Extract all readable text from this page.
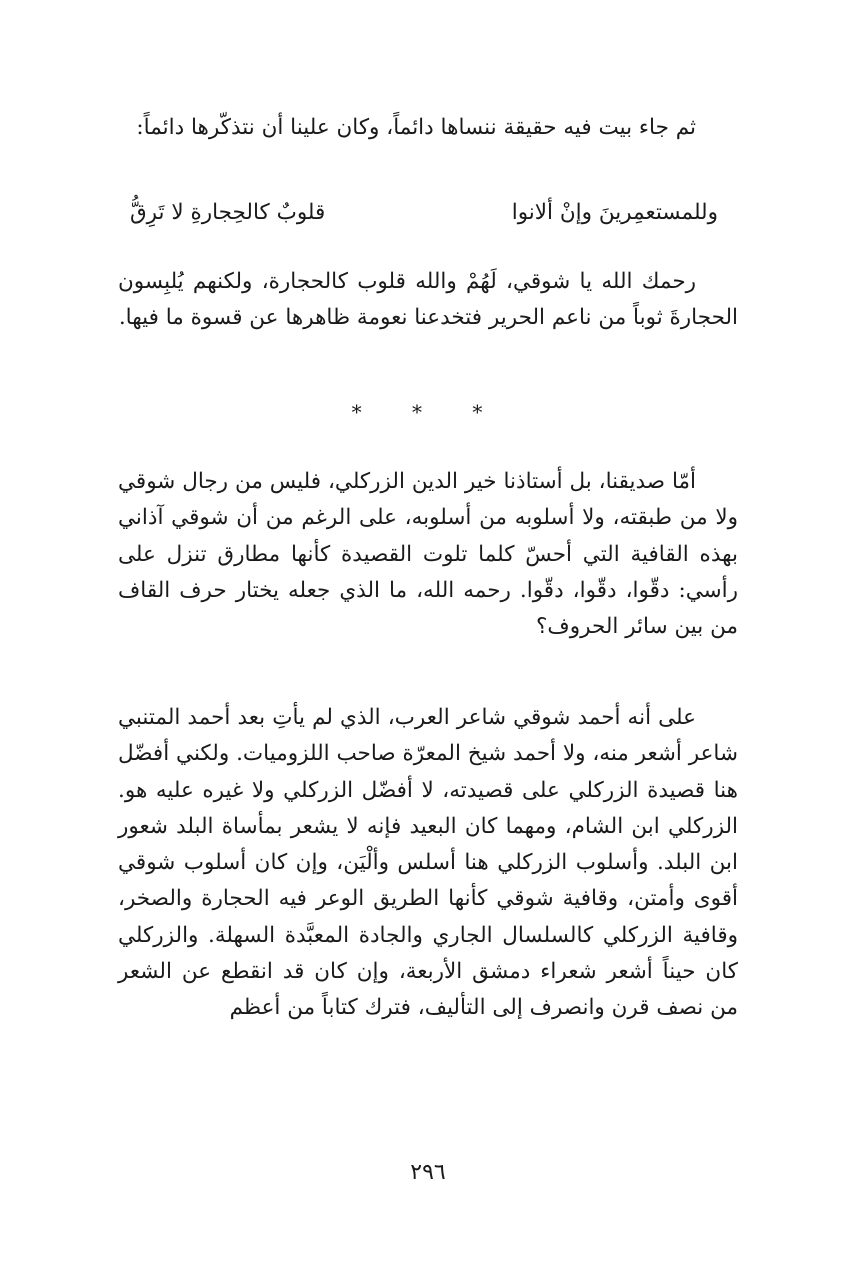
ثم جاء بيت فيه حقيقة ننساها دائماً، وكان علينا أن نتذكّرها دائماً:

وللمستعمِرينَ وإنْ ألانوا
قلوبٌ كالحِجارةِ لا تَرِقُّ

رحمك الله يا شوقي، لَهُمْ والله قلوب كالحجارة، ولكنهم يُلبِسون الحجارةَ ثوباً من ناعم الحرير فتخدعنا نعومة ظاهرها عن قسوة ما فيها.

* * *

أمّا صديقنا، بل أستاذنا خير الدين الزركلي، فليس من رجال شوقي ولا من طبقته، ولا أسلوبه من أسلوبه، على الرغم من أن شوقي آذاني بهذه القافية التي أحسّ كلما تلوت القصيدة كأنها مطارق تنزل على رأسي: دقّوا، دقّوا، دقّوا. رحمه الله، ما الذي جعله يختار حرف القاف من بين سائر الحروف؟

على أنه أحمد شوقي شاعر العرب، الذي لم يأتِ بعد أحمد المتنبي شاعر أشعر منه، ولا أحمد شيخ المعرّة صاحب اللزوميات. ولكني أفضّل هنا قصيدة الزركلي على قصيدته، لا أفضّل الزركلي ولا غيره عليه هو. الزركلي ابن الشام، ومهما كان البعيد فإنه لا يشعر بمأساة البلد شعور ابن البلد. وأسلوب الزركلي هنا أسلس وألْيَن، وإن كان أسلوب شوقي أقوى وأمتن، وقافية شوقي كأنها الطريق الوعر فيه الحجارة والصخر، وقافية الزركلي كالسلسال الجاري والجادة المعبَّدة السهلة. والزركلي كان حيناً أشعر شعراء دمشق الأربعة، وإن كان قد انقطع عن الشعر من نصف قرن وانصرف إلى التأليف، فترك كتاباً من أعظم

٢٩٦
